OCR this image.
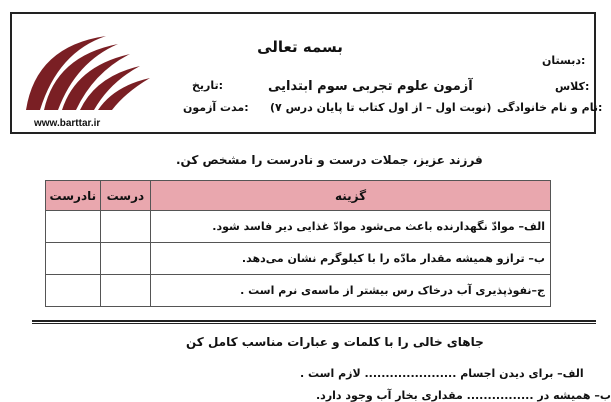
www.barttar.ir
بسمه تعالی
آزمون علوم تجربی سوم ابتدایی
(نوبت اول – از اول کتاب تا پایان درس ۷)
دبستان:
کلاس:
نام و نام خانوادگی:
تاریخ:
مدت آزمون:
فرزند عزیز، جملات درست و نادرست را مشخص کن.
گزینه	درست	نادرست
الف– موادّ نگهدارنده باعث می‌شود موادّ غذایی دیر فاسد شود.		
ب– ترازو همیشه مقدار مادّه را با کیلوگرم نشان می‌دهد.		
ج–نفوذپذیری آب درخاک رس بیشتر از ماسه‌ی نرم است .		
جاهای خالی را با کلمات و عبارات مناسب کامل کن
الف– برای دیدن اجسام ...................... لازم است .
ب– همیشه در ................ مقداری بخار آب وجود دارد.
